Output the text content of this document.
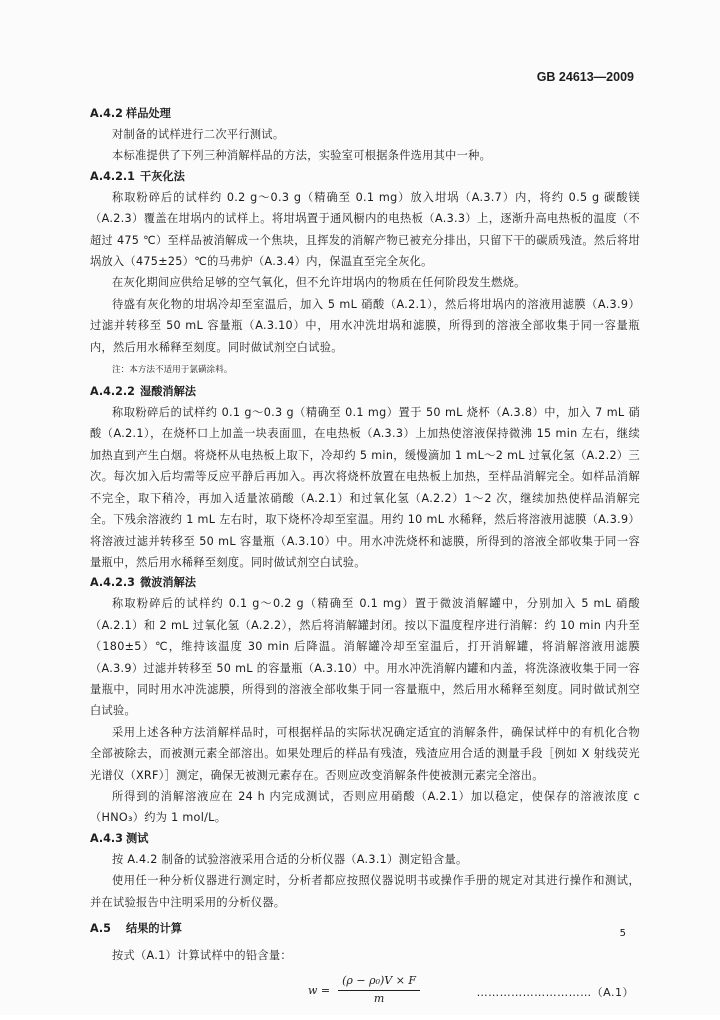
GB 24613—2009
A.4.2 样品处理

对制备的试样进行二次平行测试。

本标准提供了下列三种消解样品的方法，实验室可根据条件选用其中一种。

A.4.2.1 干灰化法

称取粉碎后的试样约 0.2 g～0.3 g（精确至 0.1 mg）放入坩埚（A.3.7）内，将约 0.5 g 碳酸镁（A.2.3）覆盖在坩埚内的试样上。将坩埚置于通风橱内的电热板（A.3.3）上，逐渐升高电热板的温度（不超过 475 ℃）至样品被消解成一个焦块，且挥发的消解产物已被充分排出，只留下干的碳质残渣。然后将坩埚放入（475±25）℃的马弗炉（A.3.4）内，保温直至完全灰化。

在灰化期间应供给足够的空气氧化，但不允许坩埚内的物质在任何阶段发生燃烧。

待盛有灰化物的坩埚冷却至室温后，加入 5 mL 硝酸（A.2.1），然后将坩埚内的溶液用滤膜（A.3.9）过滤并转移至 50 mL 容量瓶（A.3.10）中，用水冲洗坩埚和滤膜，所得到的溶液全部收集于同一容量瓶内，然后用水稀释至刻度。同时做试剂空白试验。

注：本方法不适用于氯磺涂料。

A.4.2.2 湿酸消解法

称取粉碎后的试样约 0.1 g～0.3 g（精确至 0.1 mg）置于 50 mL 烧杯（A.3.8）中，加入 7 mL 硝酸（A.2.1），在烧杯口上加盖一块表面皿，在电热板（A.3.3）上加热使溶液保持微沸 15 min 左右，继续加热直到产生白烟。将烧杯从电热板上取下，冷却约 5 min，缓慢滴加 1 mL～2 mL 过氧化氢（A.2.2）三次。每次加入后均需等反应平静后再加入。再次将烧杯放置在电热板上加热，至样品消解完全。如样品消解不完全，取下稍冷，再加入适量浓硝酸（A.2.1）和过氧化氢（A.2.2）1～2 次，继续加热使样品消解完全。下残余溶液约 1 mL 左右时，取下烧杯冷却至室温。用约 10 mL 水稀释，然后将溶液用滤膜（A.3.9）将溶液过滤并转移至 50 mL 容量瓶（A.3.10）中。用水冲洗烧杯和滤膜，所得到的溶液全部收集于同一容量瓶中，然后用水稀释至刻度。同时做试剂空白试验。

A.4.2.3 微波消解法

称取粉碎后的试样约 0.1 g～0.2 g（精确至 0.1 mg）置于微波消解罐中，分别加入 5 mL 硝酸（A.2.1）和 2 mL 过氧化氢（A.2.2），然后将消解罐封闭。按以下温度程序进行消解：约 10 min 内升至（180±5）℃，维持该温度 30 min 后降温。消解罐冷却至室温后，打开消解罐，将消解溶液用滤膜（A.3.9）过滤并转移至 50 mL 的容量瓶（A.3.10）中。用水冲洗消解内罐和内盖，将洗涤液收集于同一容量瓶中，同时用水冲洗滤膜，所得到的溶液全部收集于同一容量瓶中，然后用水稀释至刻度。同时做试剂空白试验。

采用上述各种方法消解样品时，可根据样品的实际状况确定适宜的消解条件，确保试样中的有机化合物全部被除去，而被测元素全部溶出。如果处理后的样品有残渣，残渣应用合适的测量手段［例如 X 射线荧光光谱仪（XRF）］测定，确保无被测元素存在。否则应改变消解条件使被测元素完全溶出。

所得到的消解溶液应在 24 h 内完成测试，否则应用硝酸（A.2.1）加以稳定，使保存的溶液浓度 c（HNO₃）约为 1 mol/L。

A.4.3 测试

按 A.4.2 制备的试验溶液采用合适的分析仪器（A.3.1）测定铅含量。

使用任一种分析仪器进行测定时，分析者都应按照仪器说明书或操作手册的规定对其进行操作和测试，并在试验报告中注明采用的分析仪器。

A.5 结果的计算

按式（A.1）计算试样中的铅含量：

$w = \frac{\text{(ρ − ρ₀)V × F}}{m}$	…………………………（A.1）
5
